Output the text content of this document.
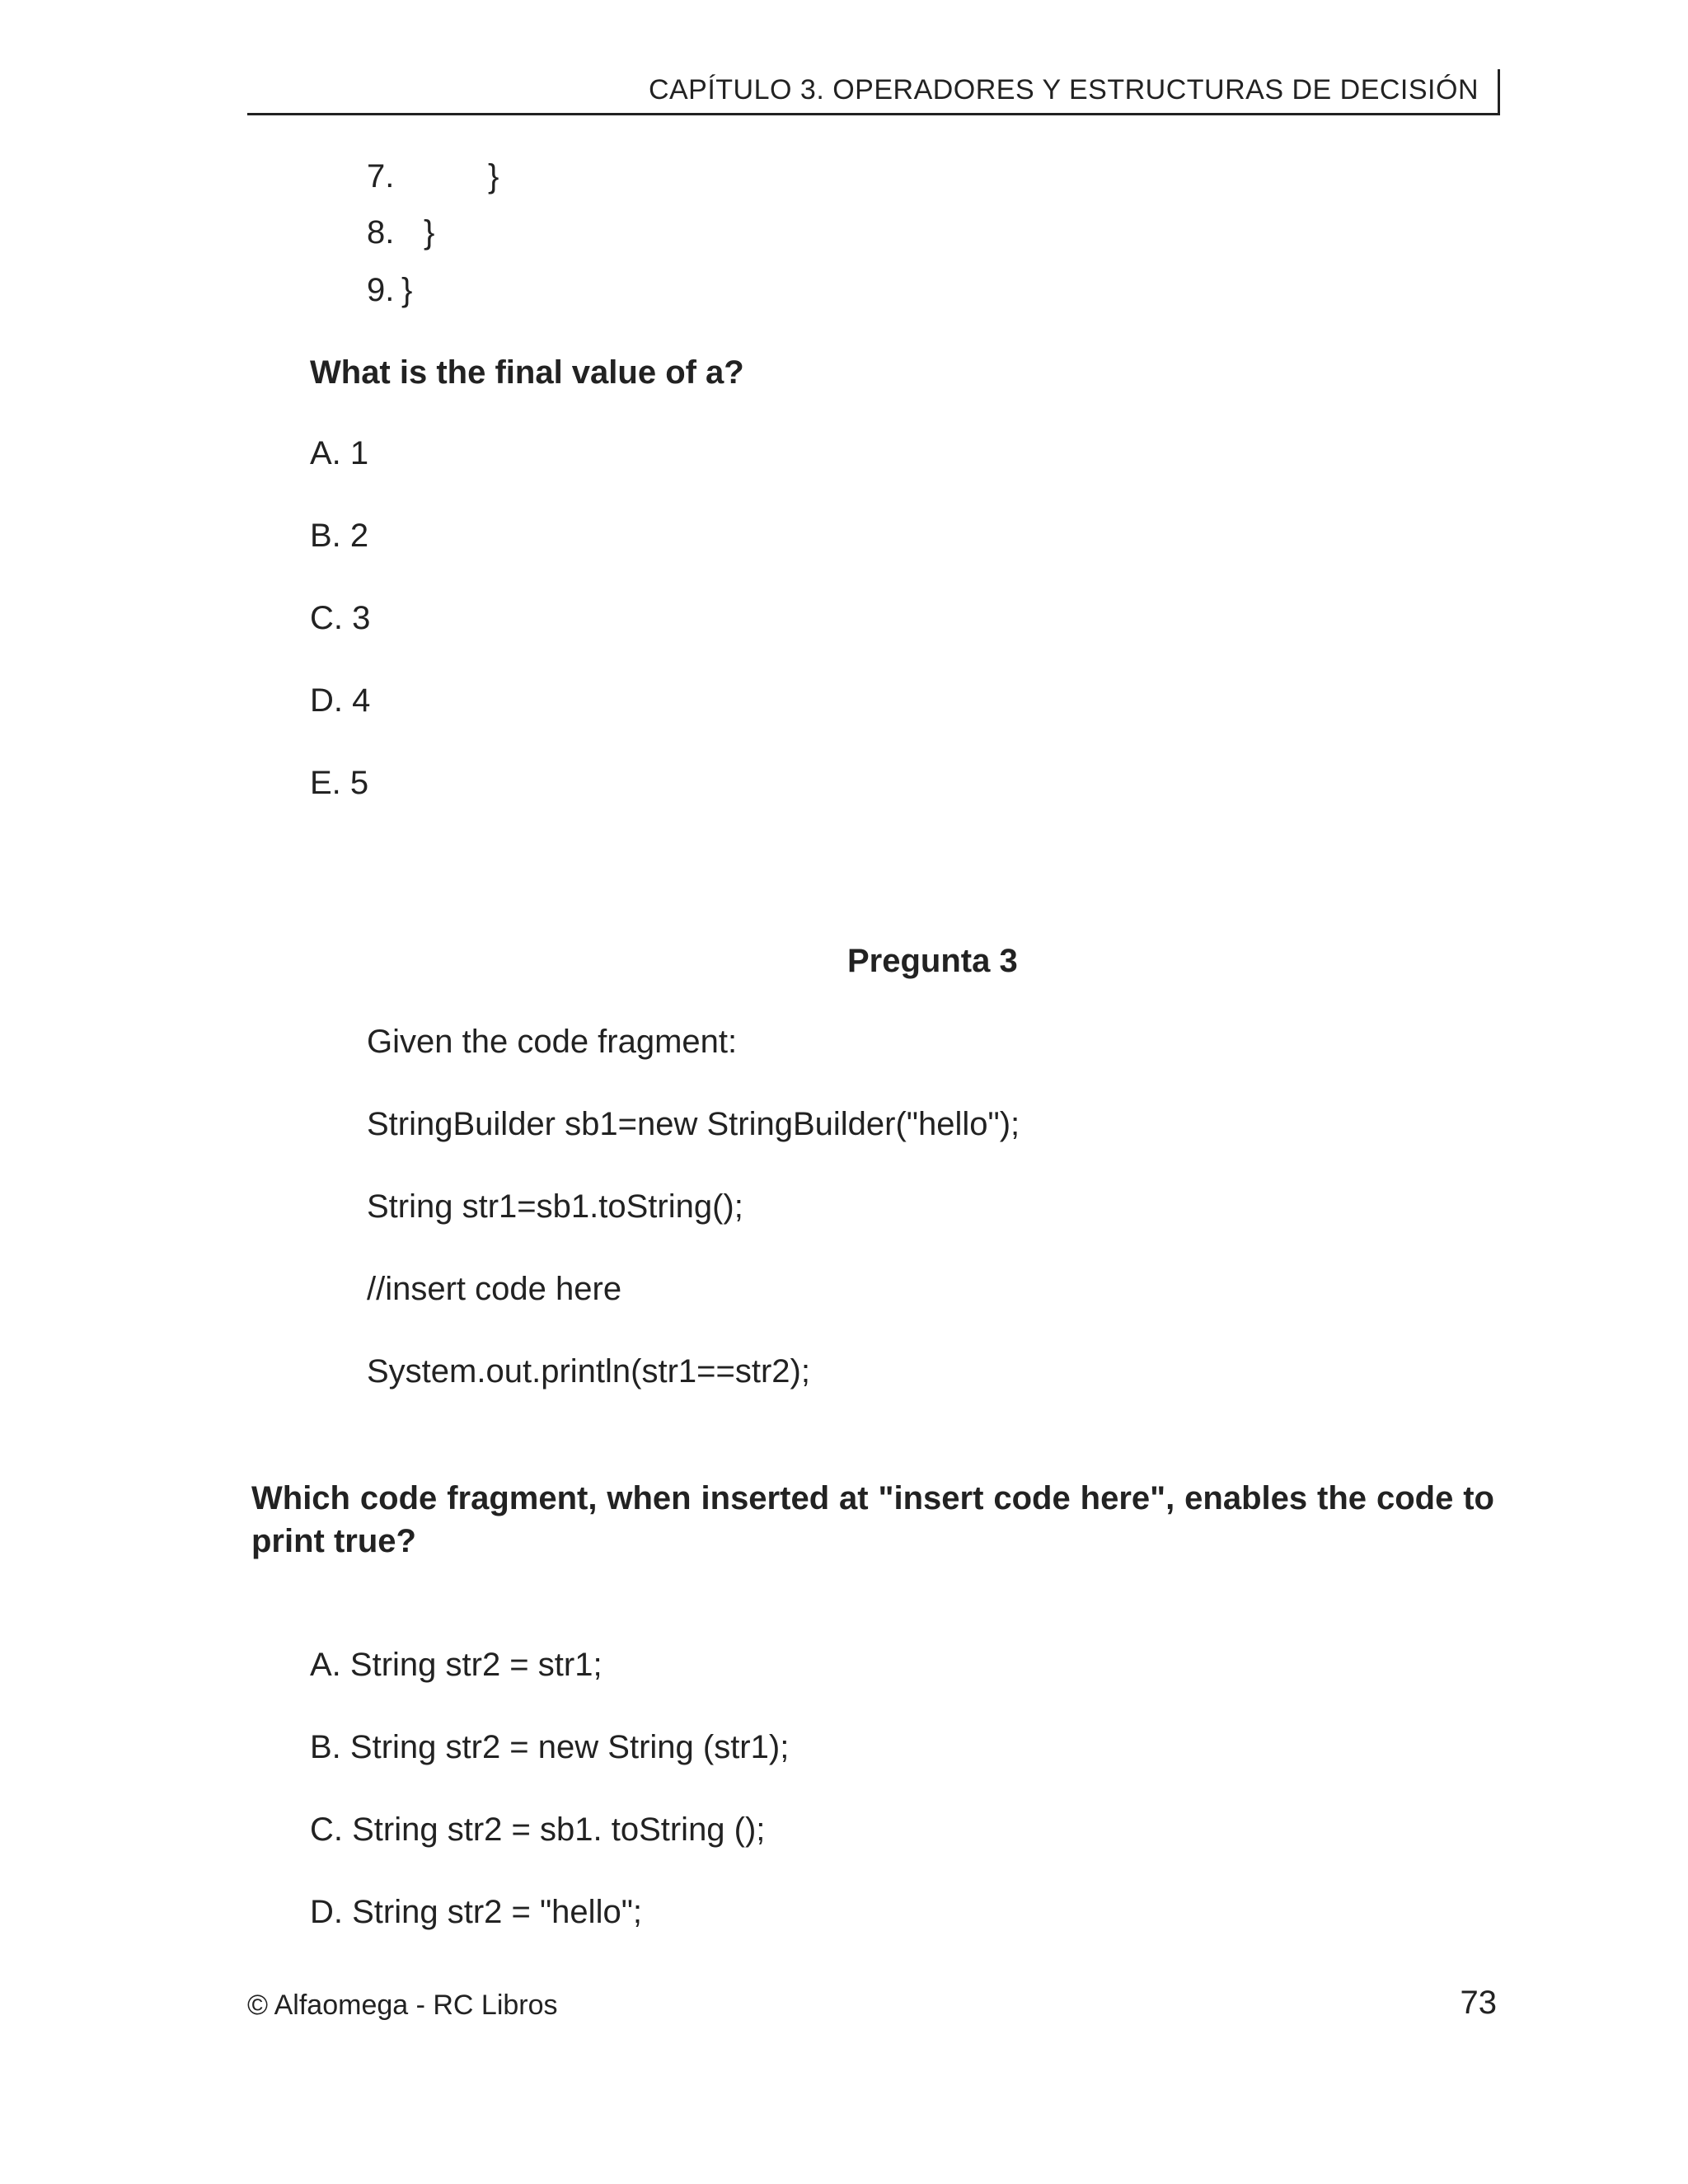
CAPÍTULO 3. OPERADORES Y ESTRUCTURAS DE DECISIÓN
7.	}
8. }
9. }
What is the final value of a?
A. 1
B. 2
C. 3
D. 4
E. 5
Pregunta 3
Given the code fragment:
StringBuilder sb1=new StringBuilder("hello");
String str1=sb1.toString();
//insert code here
System.out.println(str1==str2);
Which code fragment, when inserted at "insert code here", enables the code to print true?
A. String str2 = str1;
B. String str2 = new String (str1);
C. String str2 = sb1. toString ();
D. String str2 = "hello";
© Alfaomega - RC Libros	73
